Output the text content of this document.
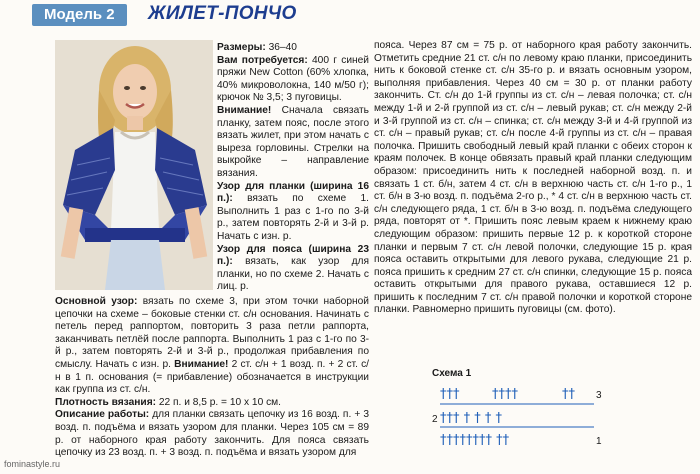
Модель 2	ЖИЛЕТ-ПОНЧО

Размеры: 36–40

Вам потребуется: 400 г синей пряжи New Cotton (60% хлопка, 40% микроволокна, 140 м/50 г); крючок № 3,5; 3 пуговицы.

Внимание! Сначала связать планку, затем пояс, после этого вязать жилет, при этом начать с выреза горловины. Стрелки на выкройке – направление вязания.

Узор для планки (ширина 16 п.): вязать по схеме 1. Выполнить 1 раз с 1-го по 3-й р., затем повторять 2-й и 3-й р. Начать с изн. р.

Узор для пояса (ширина 23 п.): вязать, как узор для планки, но по схеме 2. Начать с лиц. р.

Основной узор: вязать по схеме 3, при этом точки наборной цепочки на схеме – боковые стенки ст. с/н основания. Начинать с петель перед раппортом, повторить 3 раза петли раппорта, заканчивать петлёй после раппорта. Выполнить 1 раз с 1-го по 3-й р., затем повторять 2-й и 3-й р., продолжая прибавления по смыслу. Начать с изн. р. Внимание! 2 ст. с/н + 1 возд. п. + 2 ст. с/н в 1 п. основания (= прибавление) обозначается в инструкции как группа из ст. с/н.

Плотность вязания: 22 п. и 8,5 р. = 10 х 10 см.

Описание работы: для планки связать цепочку из 16 возд. п. + 3 возд. п. подъёма и вязать узором для планки. Через 105 см = 89 р. от наборного края работу закончить. Для пояса связать цепочку из 23 возд. п. + 3 возд. п. подъёма и вязать узором для

пояса. Через 87 см = 75 р. от наборного края работу закончить. Отметить средние 21 ст. с/н по левому краю планки, присоединить нить к боковой стенке ст. с/н 35-го р. и вязать основным узором, выполняя прибавления. Через 40 см = 30 р. от планки работу закончить. Ст. с/н до 1-й группы из ст. с/н – левая полочка; ст. с/н между 1-й и 2-й группой из ст. с/н – левый рукав; ст. с/н между 2-й и 3-й группой из ст. с/н – спинка; ст. с/н между 3-й и 4-й группой из ст. с/н – правый рукав; ст. с/н после 4-й группы из ст. с/н – правая полочка. Пришить свободный левый край планки с обеих сторон к краям полочек. В конце обвязать правый край планки следующим образом: присоединить нить к последней наборной возд. п. и связать 1 ст. б/н, затем 4 ст. с/н в верхнюю часть ст. с/н 1-го р., 1 ст. б/н в 3-ю возд. п. подъёма 2-го р., * 4 ст. с/н в верхнюю часть ст. с/н следующего ряда, 1 ст. б/н в 3-ю возд. п. подъёма следующего ряда, повторят от *. Пришить пояс левым краем к нижнему краю следующим образом: пришить первые 12 р. к короткой стороне планки и первым 7 ст. с/н левой полочки, следующие 15 р. края пояса оставить открытыми для левого рукава, следующие 21 р. пояса пришить к средним 27 ст. с/н спинки, следующие 15 р. пояса оставить открытыми для правого рукава, оставшиеся 12 р. пришить к последним 7 ст. с/н правой полочки и короткой стороне планки. Равномерно пришить пуговицы (см. фото).

Схема 1
†††	††††	††
††† † † † †
†††††††† ††
3
2
1
fominastyle.ru
